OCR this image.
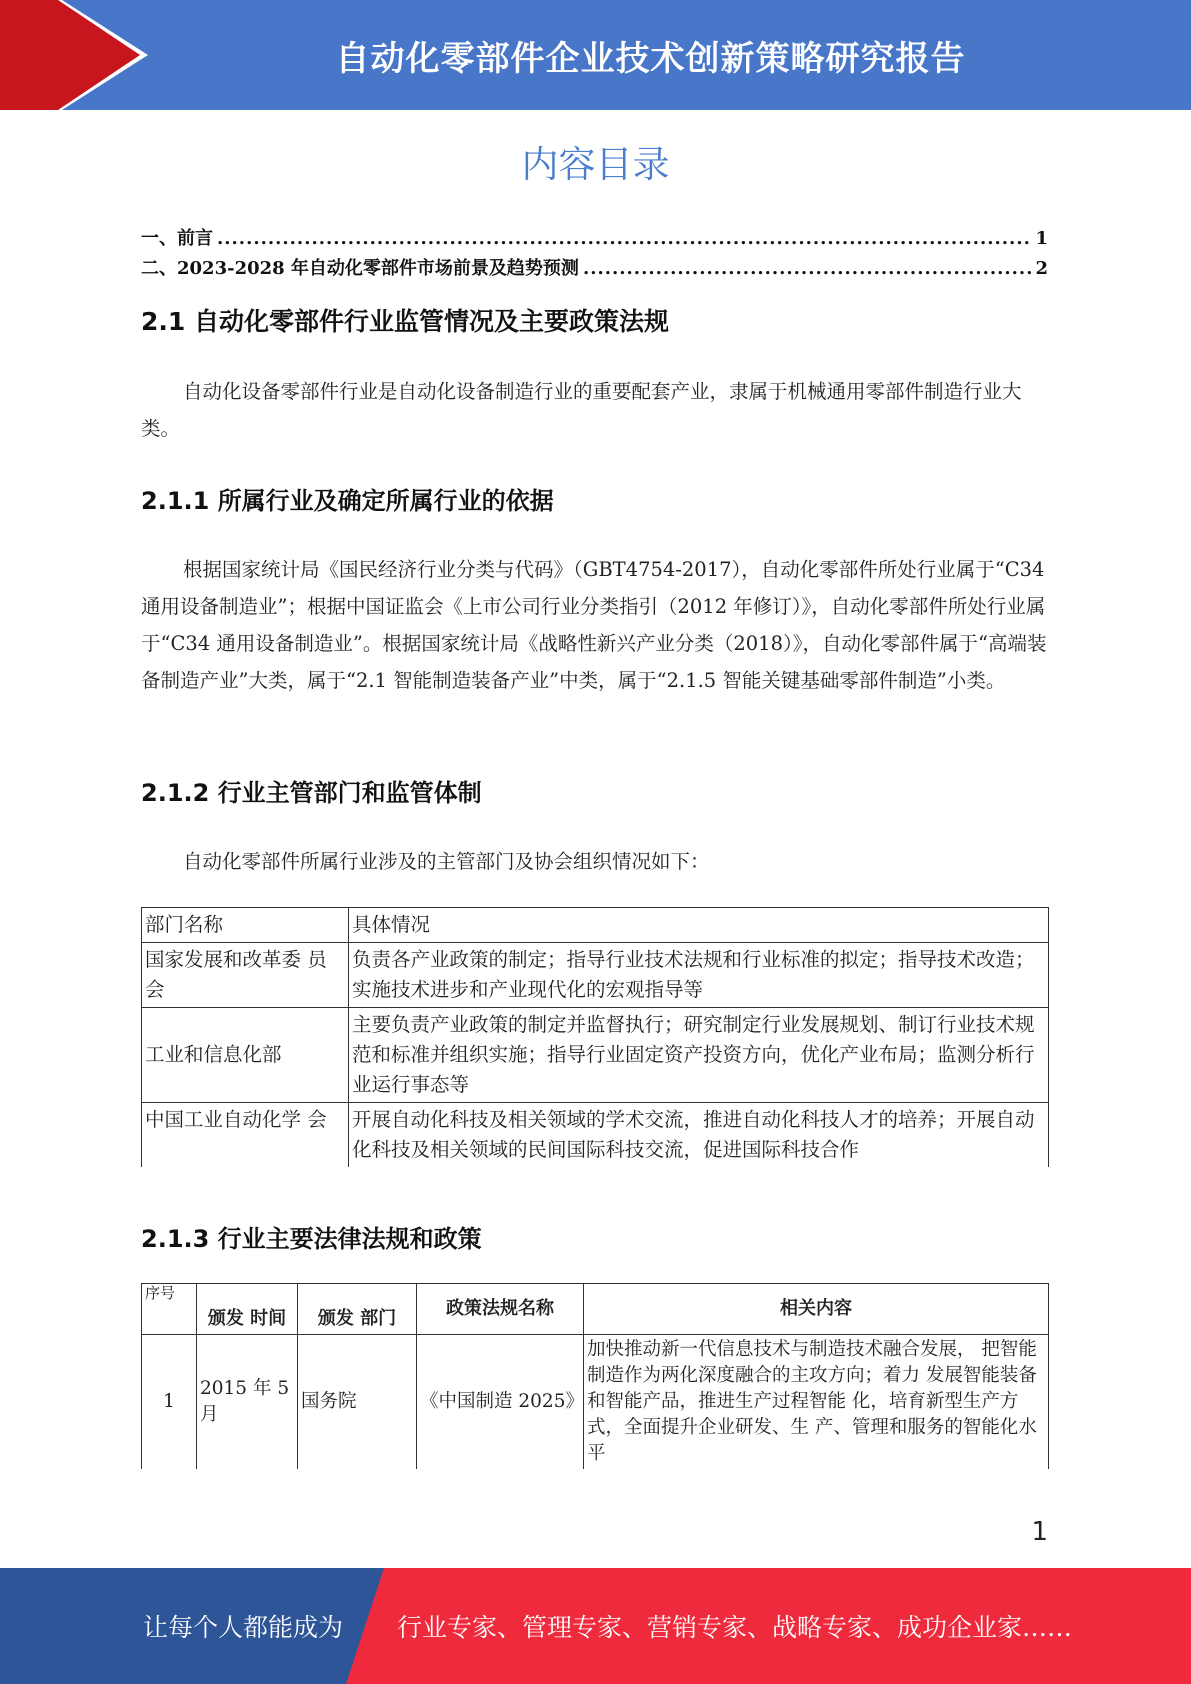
自动化零部件企业技术创新策略研究报告
内容目录
一、前言 .....	1
二、2023-2028 年自动化零部件市场前景及趋势预测 .....	2
2.1 自动化零部件行业监管情况及主要政策法规

自动化设备零部件行业是自动化设备制造行业的重要配套产业，隶属于机械通用零部件制造行业大类。

2.1.1 所属行业及确定所属行业的依据

根据国家统计局《国民经济行业分类与代码》（GBT4754-2017），自动化零部件所处行业属于“C34 通用设备制造业”；根据中国证监会《上市公司行业分类指引（2012 年修订）》，自动化零部件所处行业属于“C34 通用设备制造业”。根据国家统计局《战略性新兴产业分类（2018）》，自动化零部件属于“高端装备制造产业”大类，属于“2.1 智能制造装备产业”中类，属于“2.1.5 智能关键基础零部件制造”小类。

2.1.2 行业主管部门和监管体制

自动化零部件所属行业涉及的主管部门及协会组织情况如下：

部门名称	具体情况
国家发展和改革委 员会	负责各产业政策的制定；指导行业技术法规和行业标准的拟定；指导技术改造；实施技术进步和产业现代化的宏观指导等
工业和信息化部	主要负责产业政策的制定并监督执行；研究制定行业发展规划、制订行业技术规范和标准并组织实施；指导行业固定资产投资方向，优化产业布局；监测分析行业运行事态等
中国工业自动化学 会	开展自动化科技及相关领域的学术交流，推进自动化科技人才的培养；开展自动化科技及相关领域的民间国际科技交流，促进国际科技合作
2.1.3 行业主要法律法规和政策
序号	颁发 时间	颁发 部门	政策法规名称	相关内容
1	2015 年 5 月	国务院	《中国制造 2025》	加快推动新一代信息技术与制造技术融合发展， 把智能制造作为两化深度融合的主攻方向；着力 发展智能装备和智能产品，推进生产过程智能 化，培育新型生产方式，全面提升企业研发、生 产、管理和服务的智能化水平
1
让每个人都能成为 行业专家、管理专家、营销专家、战略专家、成功企业家……
